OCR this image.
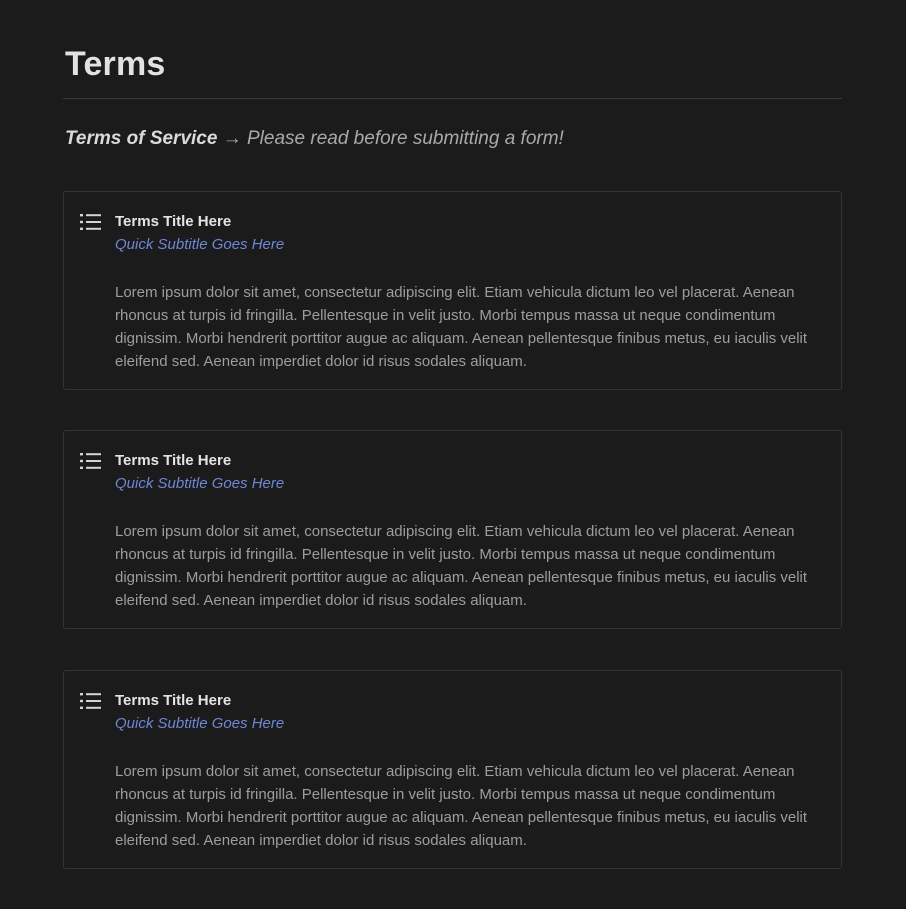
Terms

Terms of Service → Please read before submitting a form!

Terms Title Here

Quick Subtitle Goes Here

Lorem ipsum dolor sit amet, consectetur adipiscing elit. Etiam vehicula dictum leo vel placerat. Aenean rhoncus at turpis id fringilla. Pellentesque in velit justo. Morbi tempus massa ut neque condimentum dignissim. Morbi hendrerit porttitor augue ac aliquam. Aenean pellentesque finibus metus, eu iaculis velit eleifend sed. Aenean imperdiet dolor id risus sodales aliquam.

Terms Title Here

Quick Subtitle Goes Here

Lorem ipsum dolor sit amet, consectetur adipiscing elit. Etiam vehicula dictum leo vel placerat. Aenean rhoncus at turpis id fringilla. Pellentesque in velit justo. Morbi tempus massa ut neque condimentum dignissim. Morbi hendrerit porttitor augue ac aliquam. Aenean pellentesque finibus metus, eu iaculis velit eleifend sed. Aenean imperdiet dolor id risus sodales aliquam.

Terms Title Here

Quick Subtitle Goes Here

Lorem ipsum dolor sit amet, consectetur adipiscing elit. Etiam vehicula dictum leo vel placerat. Aenean rhoncus at turpis id fringilla. Pellentesque in velit justo. Morbi tempus massa ut neque condimentum dignissim. Morbi hendrerit porttitor augue ac aliquam. Aenean pellentesque finibus metus, eu iaculis velit eleifend sed. Aenean imperdiet dolor id risus sodales aliquam.
